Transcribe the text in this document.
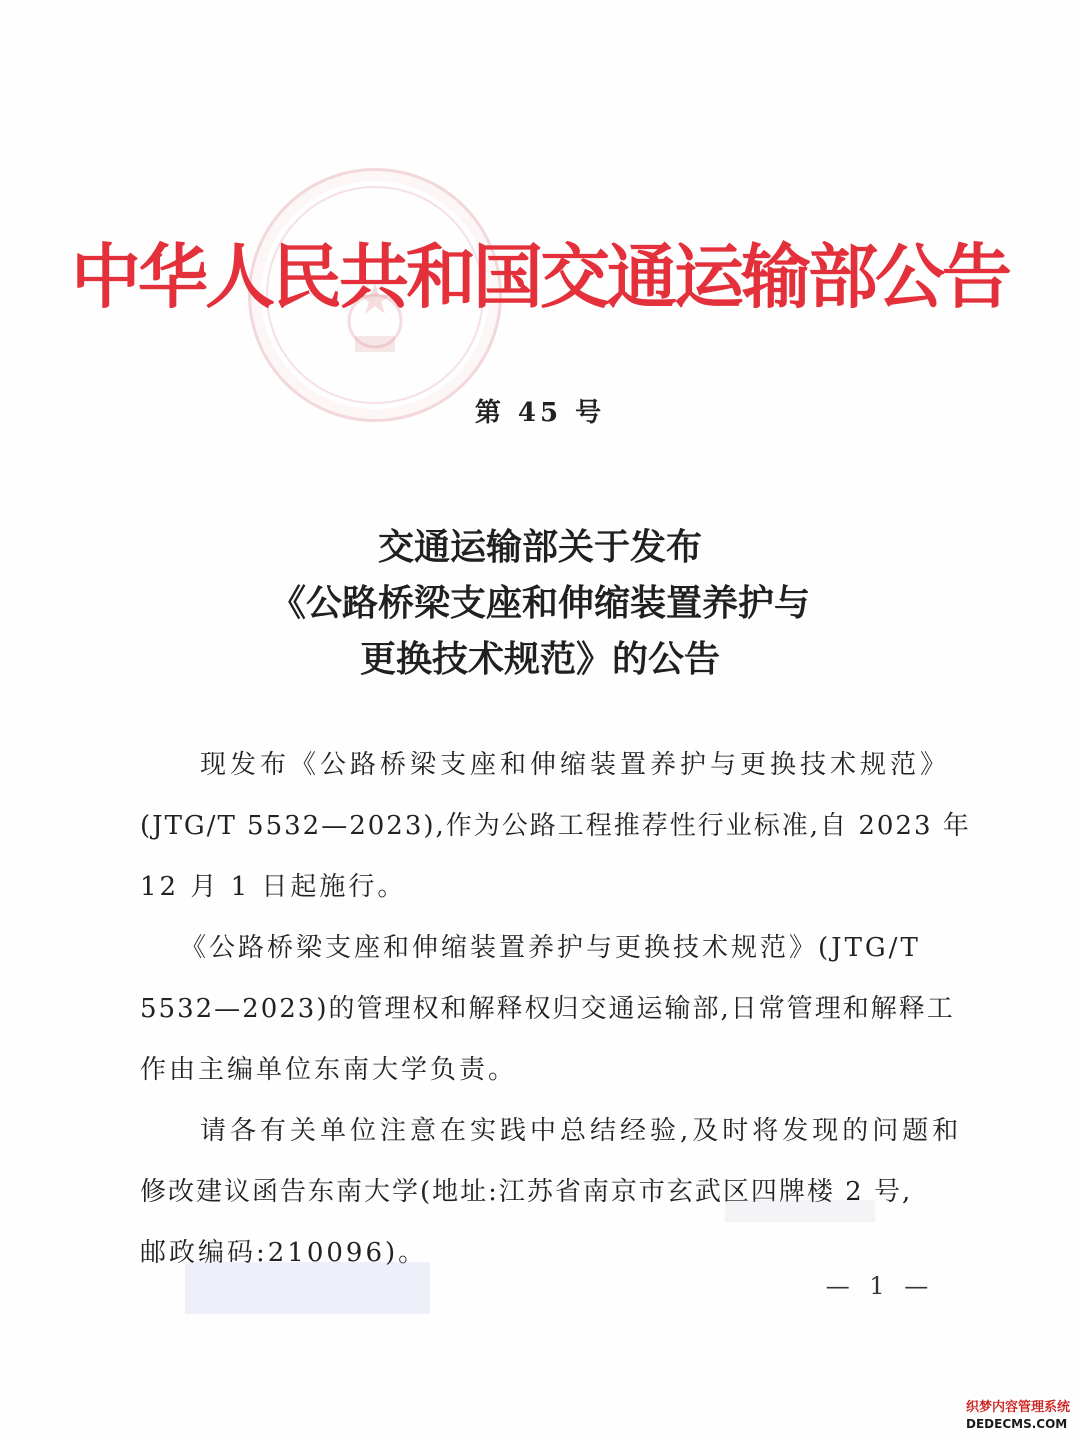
中华人民共和国交通运输部公告
第 45 号
交通运输部关于发布
《公路桥梁支座和伸缩装置养护与
更换技术规范》的公告

现发布《公路桥梁支座和伸缩装置养护与更换技术规范》
(JTG/T 5532—2023),作为公路工程推荐性行业标准,自 2023 年
12 月 1 日起施行。

《公路桥梁支座和伸缩装置养护与更换技术规范》(JTG/T
5532—2023)的管理权和解释权归交通运输部,日常管理和解释工
作由主编单位东南大学负责。

请各有关单位注意在实践中总结经验,及时将发现的问题和
修改建议函告东南大学(地址:江苏省南京市玄武区四牌楼 2 号,
邮政编码:210096)。

— 1 —
织梦内容管理系统
DEDECMS.COM
